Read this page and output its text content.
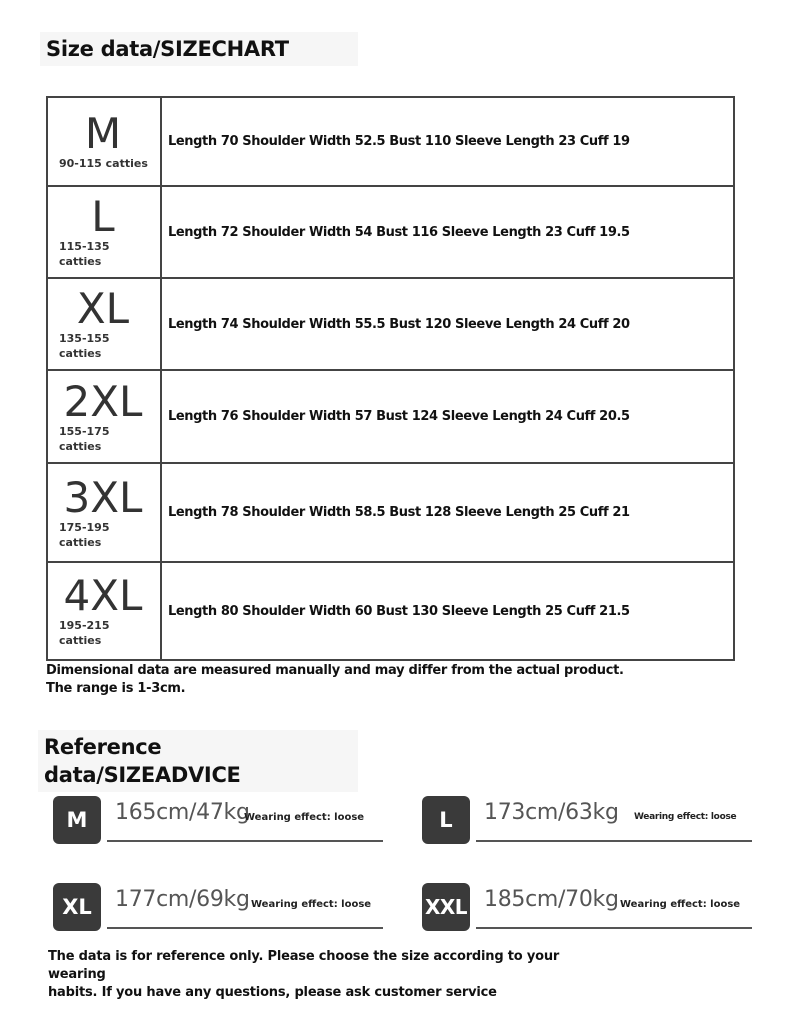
Size data/SIZECHART
M
90-115 catties
Length 70 Shoulder Width 52.5 Bust 110 Sleeve Length 23 Cuff 19
L
115-135 catties
Length 72 Shoulder Width 54 Bust 116 Sleeve Length 23 Cuff 19.5
XL
135-155 catties
Length 74 Shoulder Width 55.5 Bust 120 Sleeve Length 24 Cuff 20
2XL
155-175 catties
Length 76 Shoulder Width 57 Bust 124 Sleeve Length 24 Cuff 20.5
3XL
175-195 catties
Length 78 Shoulder Width 58.5 Bust 128 Sleeve Length 25 Cuff 21
4XL
195-215 catties
Length 80 Shoulder Width 60 Bust 130 Sleeve Length 25 Cuff 21.5
Dimensional data are measured manually and may differ from the actual product.
The range is 1-3cm.
Reference data/SIZEADVICE
M	165cm/47kg
Wearing effect: loose	L	173cm/63kg Wearing effect: loose
XL	177cm/69kg Wearing effect: loose	XXL 185cm/70kg Wearing effect: loose
The data is for reference only. Please choose the size according to your wearing
habits. If you have any questions, please ask customer service
